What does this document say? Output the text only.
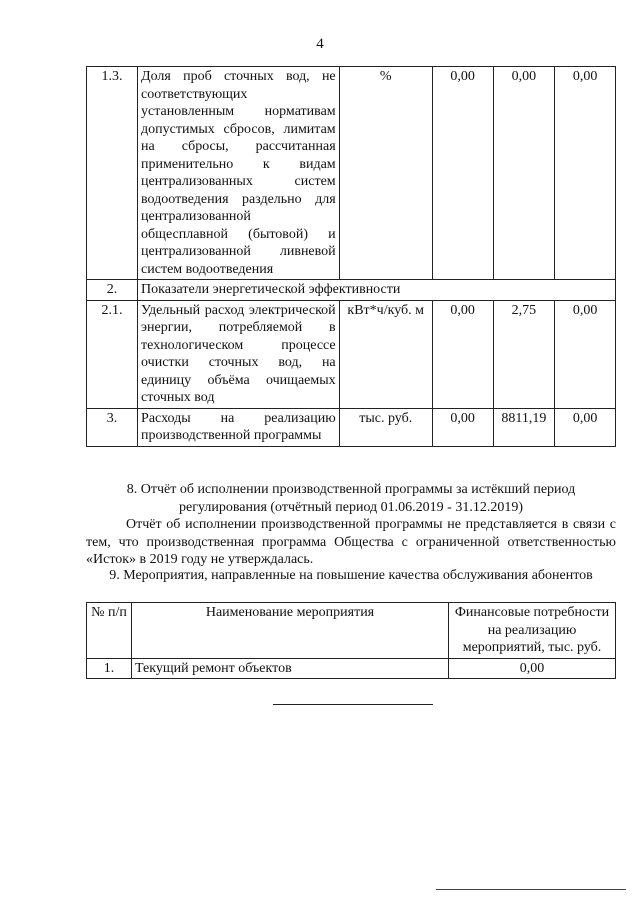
4
1.3.	Доля проб сточных вод, не соответствующих установленным нормативам допустимых сбросов, лимитам на сбросы, рассчитанная применительно к видам централизованных систем водоотведения раздельно для централизованной общесплавной (бытовой) и централизованной ливневой систем водоотведения	%	0,00	0,00	0,00
2.	Показатели энергетической эффективности				
2.1.	Удельный расход электрической энергии, потребляемой в технологическом процессе очистки сточных вод, на единицу объёма очищаемых сточных вод	кВт*ч/куб. м	0,00	2,75	0,00
3.	Расходы на реализацию производственной программы	тыс. руб.	0,00	8811,19	0,00
8. Отчёт об исполнении производственной программы за истёкший период регулирования (отчётный период 01.06.2019 - 31.12.2019)

Отчёт об исполнении производственной программы не представляется в связи с тем, что производственная программа Общества с ограниченной ответственностью «Исток» в 2019 году не утверждалась.

9. Мероприятия, направленные на повышение качества обслуживания абонентов
№ п/п	Наименование мероприятия	Финансовые потребности на реализацию мероприятий, тыс. руб.
1.	Текущий ремонт объектов	0,00
